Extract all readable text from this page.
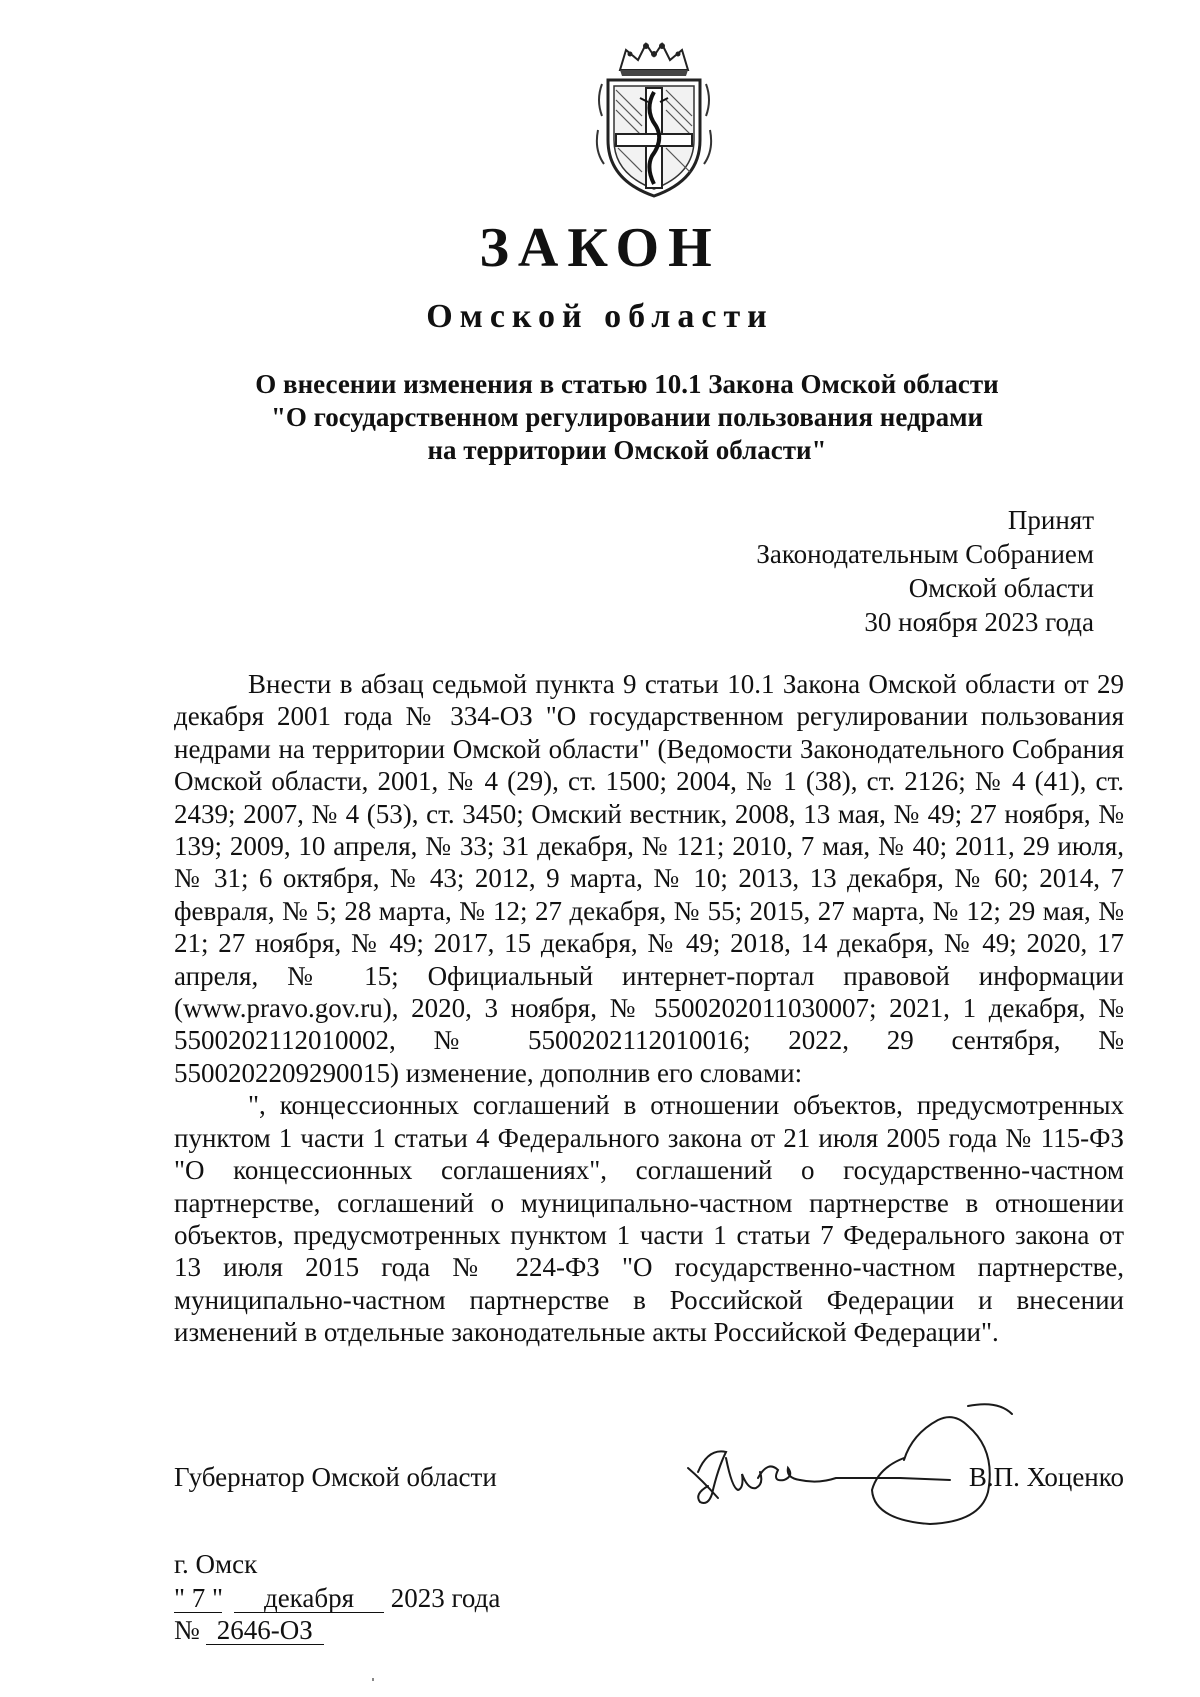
ЗАКОН
Омской области
О внесении изменения в статью 10.1 Закона Омской области
"О государственном регулировании пользования недрами
на территории Омской области"
Принят
Законодательным Собранием
Омской области
30 ноября 2023 года

Внести в абзац седьмой пункта 9 статьи 10.1 Закона Омской области от 29 декабря 2001 года № 334-ОЗ "О государственном регулировании пользования недрами на территории Омской области" (Ведомости Законодательного Собрания Омской области, 2001, № 4 (29), ст. 1500; 2004, № 1 (38), ст. 2126; № 4 (41), ст. 2439; 2007, № 4 (53), ст. 3450; Омский вестник, 2008, 13 мая, № 49; 27 ноября, № 139; 2009, 10 апреля, № 33; 31 декабря, № 121; 2010, 7 мая, № 40; 2011, 29 июля, № 31; 6 октября, № 43; 2012, 9 марта, № 10; 2013, 13 декабря, № 60; 2014, 7 февраля, № 5; 28 марта, № 12; 27 декабря, № 55; 2015, 27 марта, № 12; 29 мая, № 21; 27 ноября, № 49; 2017, 15 декабря, № 49; 2018, 14 декабря, № 49; 2020, 17 апреля, № 15; Официальный интернет-портал правовой информации (www.pravo.gov.ru), 2020, 3 ноября, № 5500202011030007; 2021, 1 декабря, № 5500202112010002, № 5500202112010016; 2022, 29 сентября, № 5500202209290015) изменение, дополнив его словами:

", концессионных соглашений в отношении объектов, предусмотренных пунктом 1 части 1 статьи 4 Федерального закона от 21 июля 2005 года № 115-ФЗ "О концессионных соглашениях", соглашений о государственно-частном партнерстве, соглашений о муниципально-частном партнерстве в отношении объектов, предусмотренных пунктом 1 части 1 статьи 7 Федерального закона от 13 июля 2015 года № 224-ФЗ "О государственно-частном партнерстве, муниципально-частном партнерстве в Российской Федерации и внесении изменений в отдельные законодательные акты Российской Федерации".

Губернатор Омской области	В.П. Хоценко
г. Омск
" 7 " декабря 2023 года
№ 2646-ОЗ
